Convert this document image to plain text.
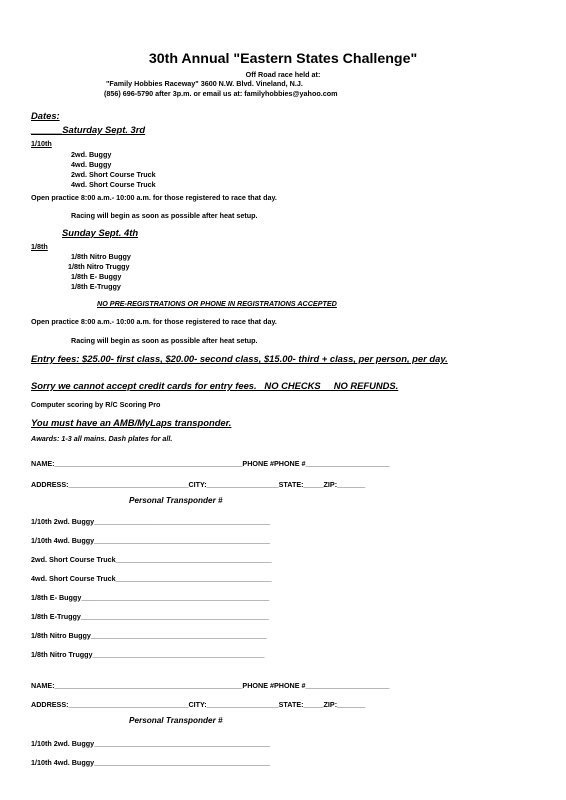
30th Annual "Eastern States Challenge"
Off Road race held at:
"Family Hobbies Raceway" 3600 N.W. Blvd. Vineland, N.J.
(856) 696-5790 after 3p.m. or email us at: familyhobbies@yahoo.com
Dates:
______Saturday Sept. 3rd
1/10th
2wd. Buggy
4wd. Buggy
2wd. Short Course Truck
4wd. Short Course Truck
Open practice 8:00 a.m.- 10:00 a.m. for those registered to race that day.
Racing will begin as soon as possible after heat setup.
Sunday Sept. 4th
1/8th
1/8th Nitro Buggy
1/8th Nitro Truggy
1/8th E- Buggy
1/8th E-Truggy
NO PRE-REGISTRATIONS OR PHONE IN REGISTRATIONS ACCEPTED
Open practice 8:00 a.m.- 10:00 a.m. for those registered to race that day.
Racing will begin as soon as possible after heat setup.
Entry fees: $25.00- first class, $20.00- second class, $15.00- third + class, per person, per day.
Sorry we cannot accept credit cards for entry fees.   NO CHECKS     NO REFUNDS.
Computer scoring by R/C Scoring Pro
You must have an AMB/MyLaps transponder.
Awards: 1-3 all mains. Dash plates for all.
NAME:_______________________________________________PHONE #PHONE #_____________________
ADDRESS:______________________________CITY:__________________STATE:_____ZIP:_______
Personal Transponder #
1/10th 2wd. Buggy____________________________________________
1/10th 4wd. Buggy____________________________________________
2wd. Short Course Truck_______________________________________
4wd. Short Course Truck_______________________________________
1/8th E- Buggy_______________________________________________
1/8th E-Truggy_______________________________________________
1/8th Nitro Buggy____________________________________________
1/8th Nitro Truggy___________________________________________
NAME:_______________________________________________PHONE #PHONE #_____________________
ADDRESS:______________________________CITY:__________________STATE:_____ZIP:_______
Personal Transponder #
1/10th 2wd. Buggy____________________________________________
1/10th 4wd. Buggy____________________________________________
